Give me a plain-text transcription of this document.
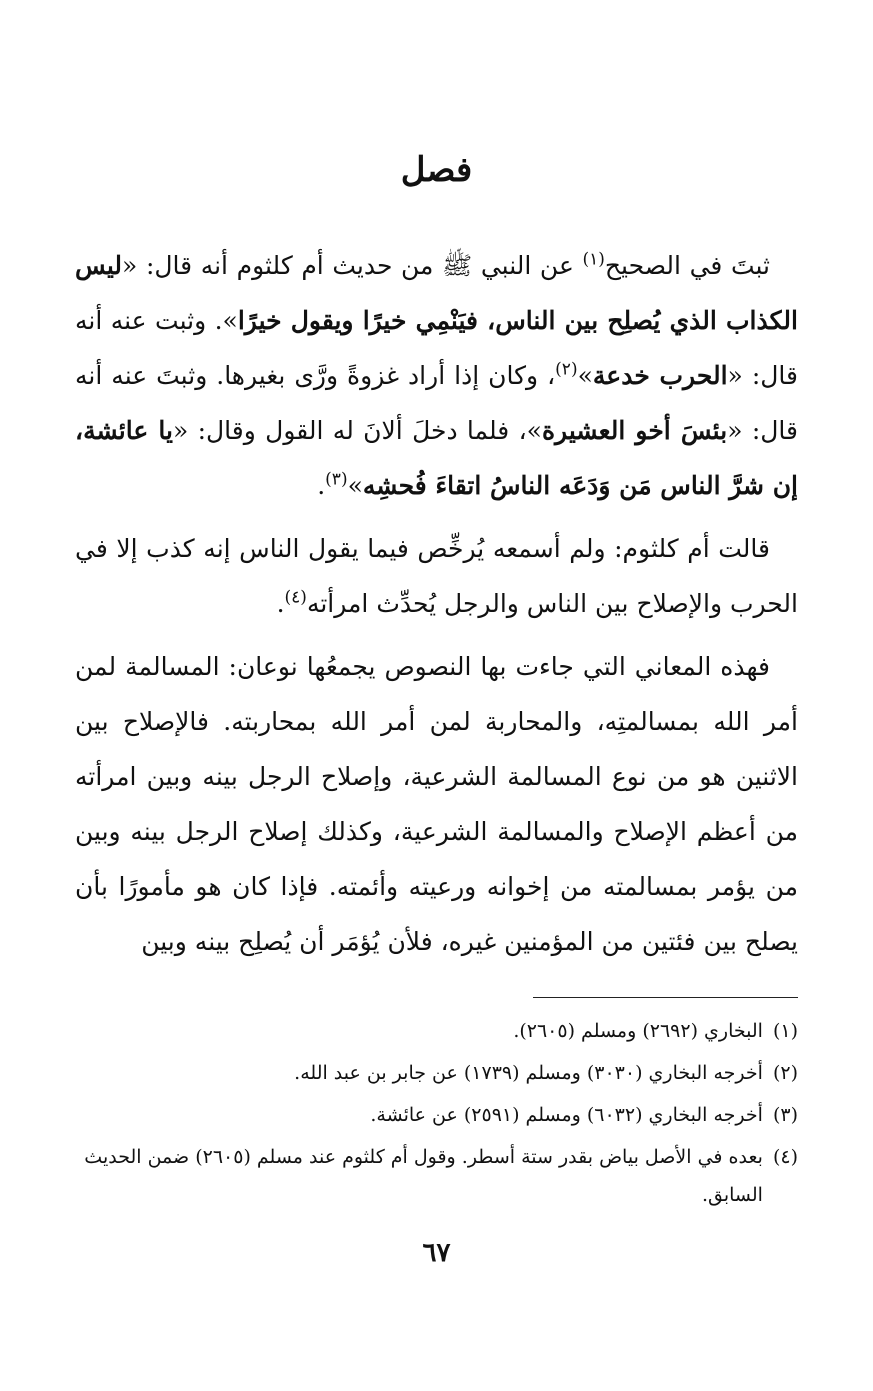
فصل

ثبتَ في الصحيح$^{(١)}$ عن النبي ﷺ من حديث أم كلثوم أنه قال: «ليس الكذاب الذي يُصلِح بين الناس، فيَنْمِي خيرًا ويقول خيرًا». وثبت عنه أنه قال: «الحرب خدعة»$^{(٢)}$، وكان إذا أراد غزوةً ورَّى بغيرها. وثبتَ عنه أنه قال: «بئسَ أخو العشيرة»، فلما دخلَ ألانَ له القول وقال: «يا عائشة، إن شرَّ الناس مَن وَدَعَه الناسُ اتقاءَ فُحشِه»$^{(٣)}$.

قالت أم كلثوم: ولم أسمعه يُرخِّص فيما يقول الناس إنه كذب إلا في الحرب والإصلاح بين الناس والرجل يُحدِّث امرأته$^{(٤)}$.

فهذه المعاني التي جاءت بها النصوص يجمعُها نوعان: المسالمة لمن أمر الله بمسالمتِه، والمحاربة لمن أمر الله بمحاربته. فالإصلاح بين الاثنين هو من نوع المسالمة الشرعية، وإصلاح الرجل بينه وبين امرأته من أعظم الإصلاح والمسالمة الشرعية، وكذلك إصلاح الرجل بينه وبين من يؤمر بمسالمته من إخوانه ورعيته وأئمته. فإذا كان هو مأمورًا بأن يصلح بين فئتين من المؤمنين غيره، فلأن يُؤمَر أن يُصلِح بينه وبين

(١)
البخاري (٢٦٩٢) ومسلم (٢٦٠٥).
(٢)
أخرجه البخاري (٣٠٣٠) ومسلم (١٧٣٩) عن جابر بن عبد الله.
(٣)
أخرجه البخاري (٦٠٣٢) ومسلم (٢٥٩١) عن عائشة.
(٤)
بعده في الأصل بياض بقدر ستة أسطر. وقول أم كلثوم عند مسلم (٢٦٠٥) ضمن الحديث السابق.
٦٧
